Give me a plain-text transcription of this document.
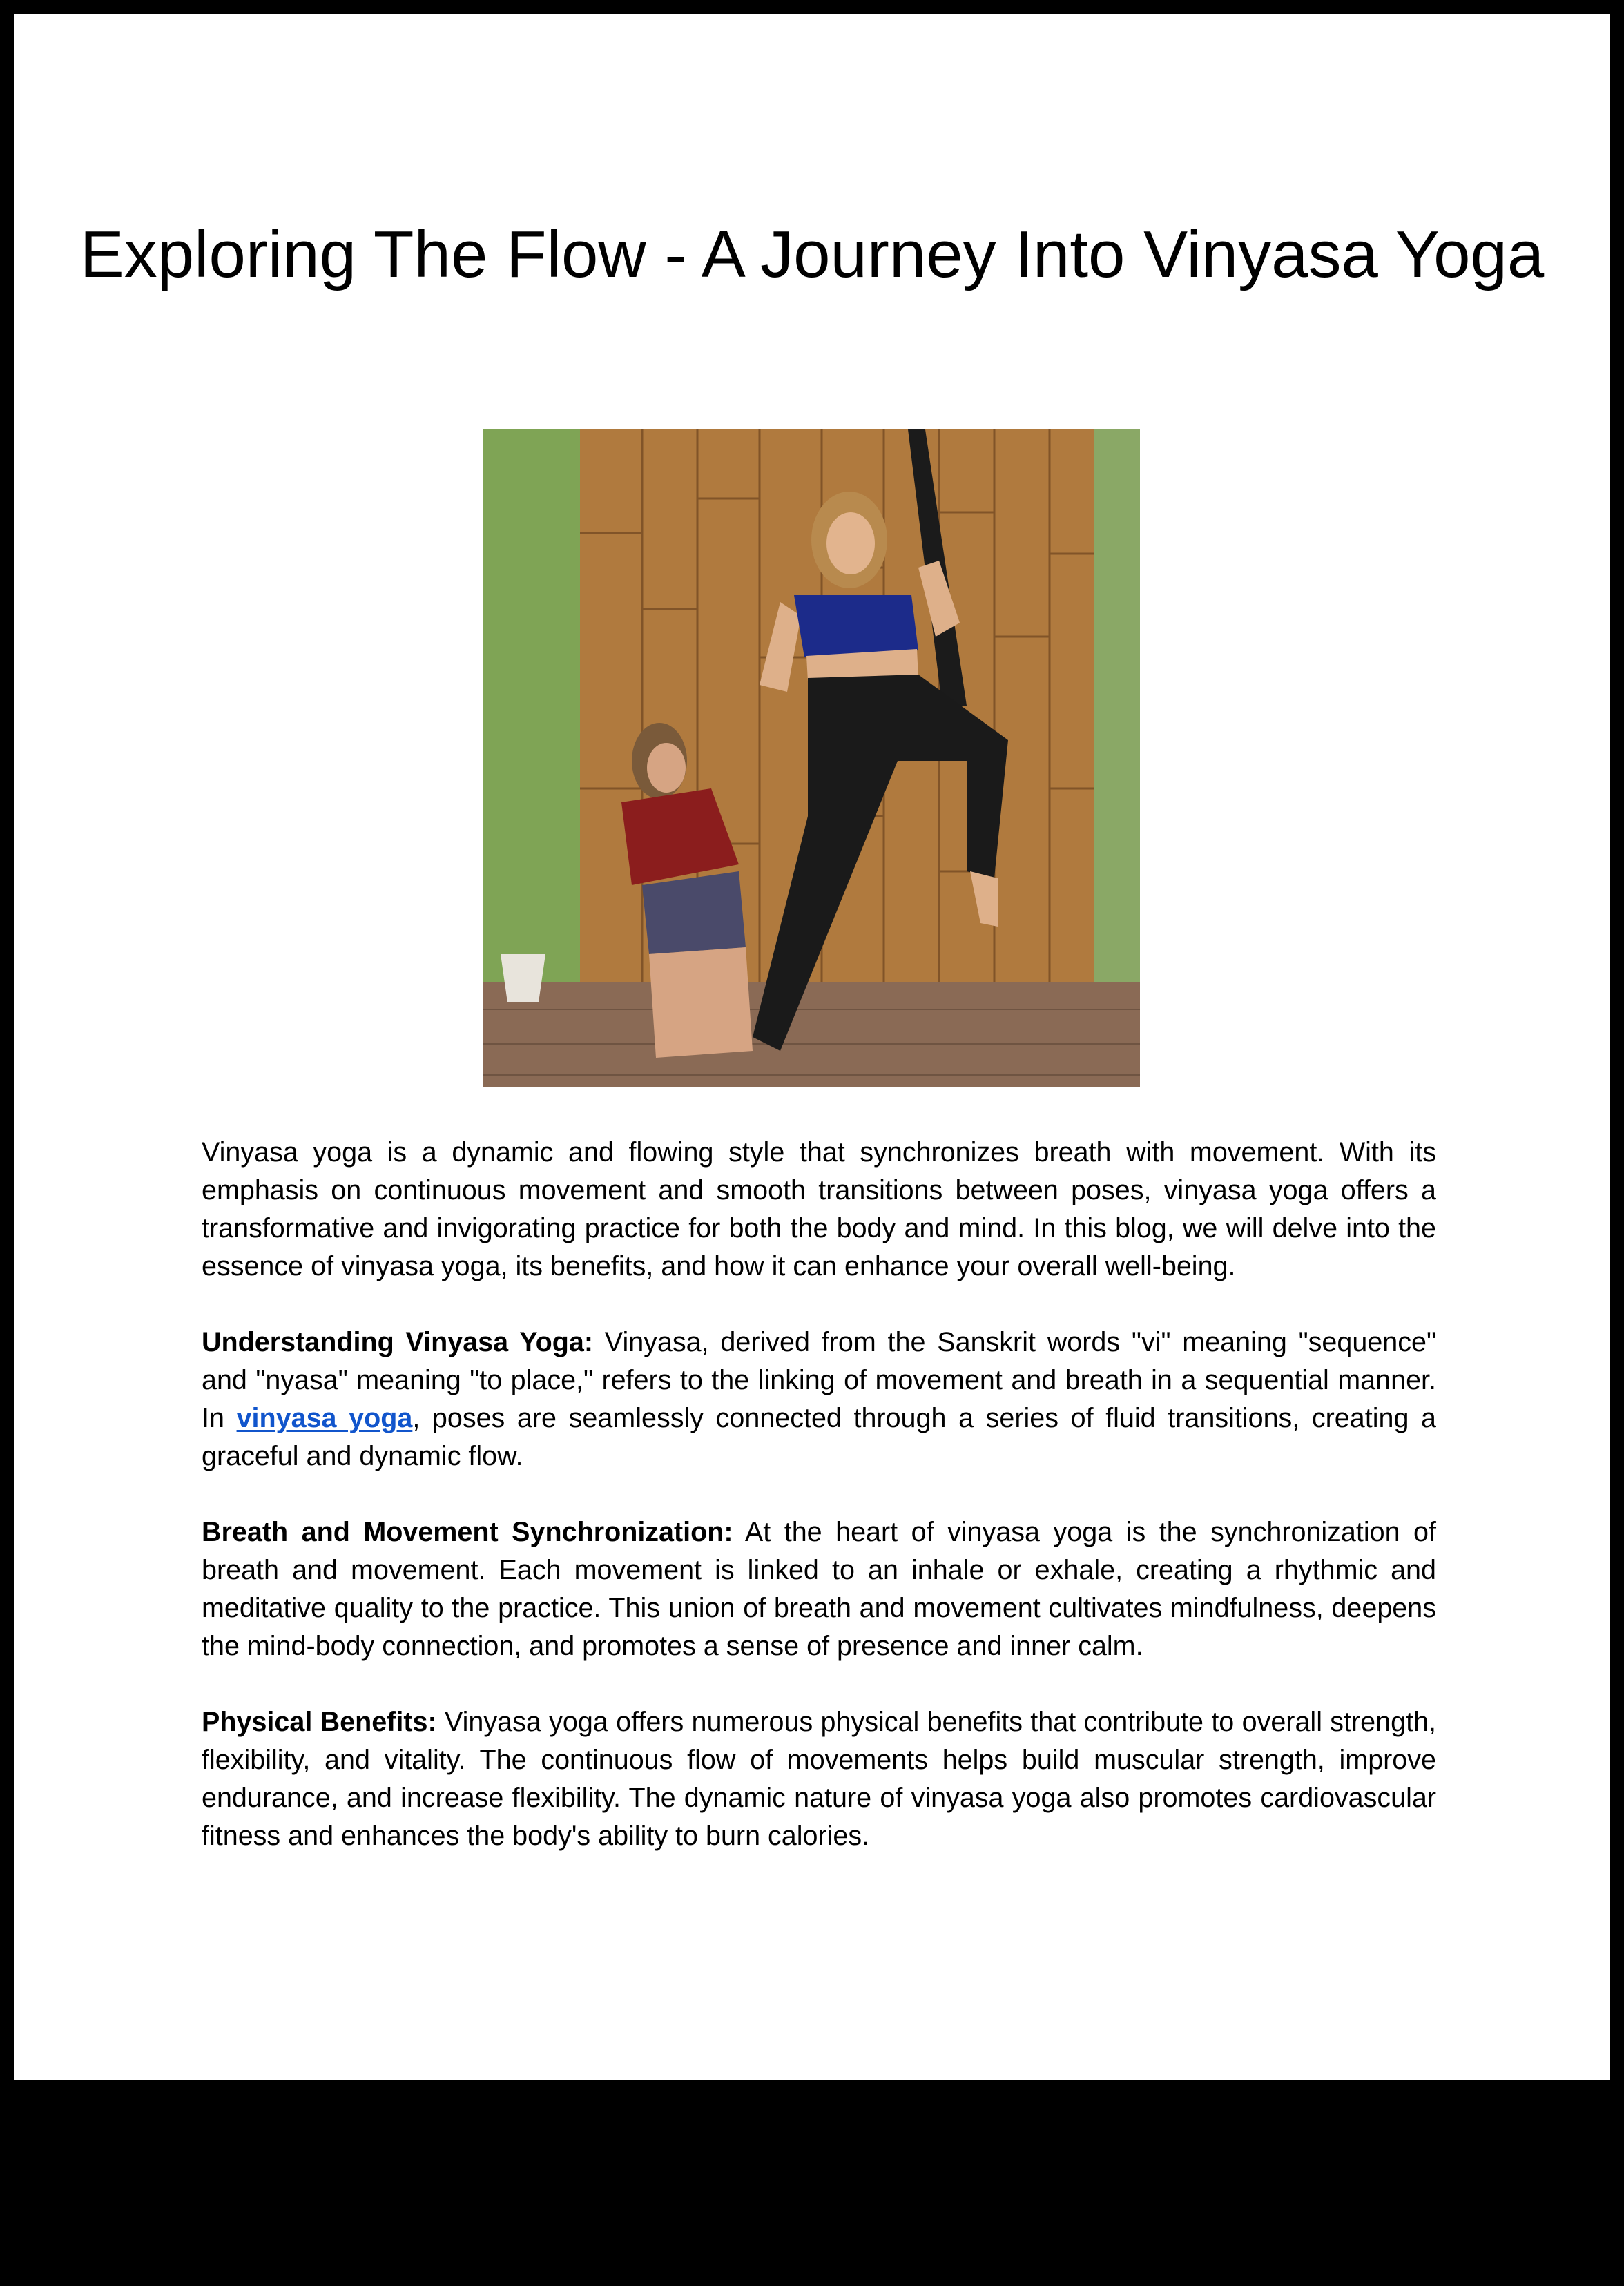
Exploring The Flow - A Journey Into Vinyasa Yoga

Vinyasa yoga is a dynamic and flowing style that synchronizes breath with movement. With its emphasis on continuous movement and smooth transitions between poses, vinyasa yoga offers a transformative and invigorating practice for both the body and mind. In this blog, we will delve into the essence of vinyasa yoga, its benefits, and how it can enhance your overall well-being.

Understanding Vinyasa Yoga: Vinyasa, derived from the Sanskrit words "vi" meaning "sequence" and "nyasa" meaning "to place," refers to the linking of movement and breath in a sequential manner. In vinyasa yoga, poses are seamlessly connected through a series of fluid transitions, creating a graceful and dynamic flow.

Breath and Movement Synchronization: At the heart of vinyasa yoga is the synchronization of breath and movement. Each movement is linked to an inhale or exhale, creating a rhythmic and meditative quality to the practice. This union of breath and movement cultivates mindfulness, deepens the mind-body connection, and promotes a sense of presence and inner calm.

Physical Benefits: Vinyasa yoga offers numerous physical benefits that contribute to overall strength, flexibility, and vitality. The continuous flow of movements helps build muscular strength, improve endurance, and increase flexibility. The dynamic nature of vinyasa yoga also promotes cardiovascular fitness and enhances the body's ability to burn calories.
